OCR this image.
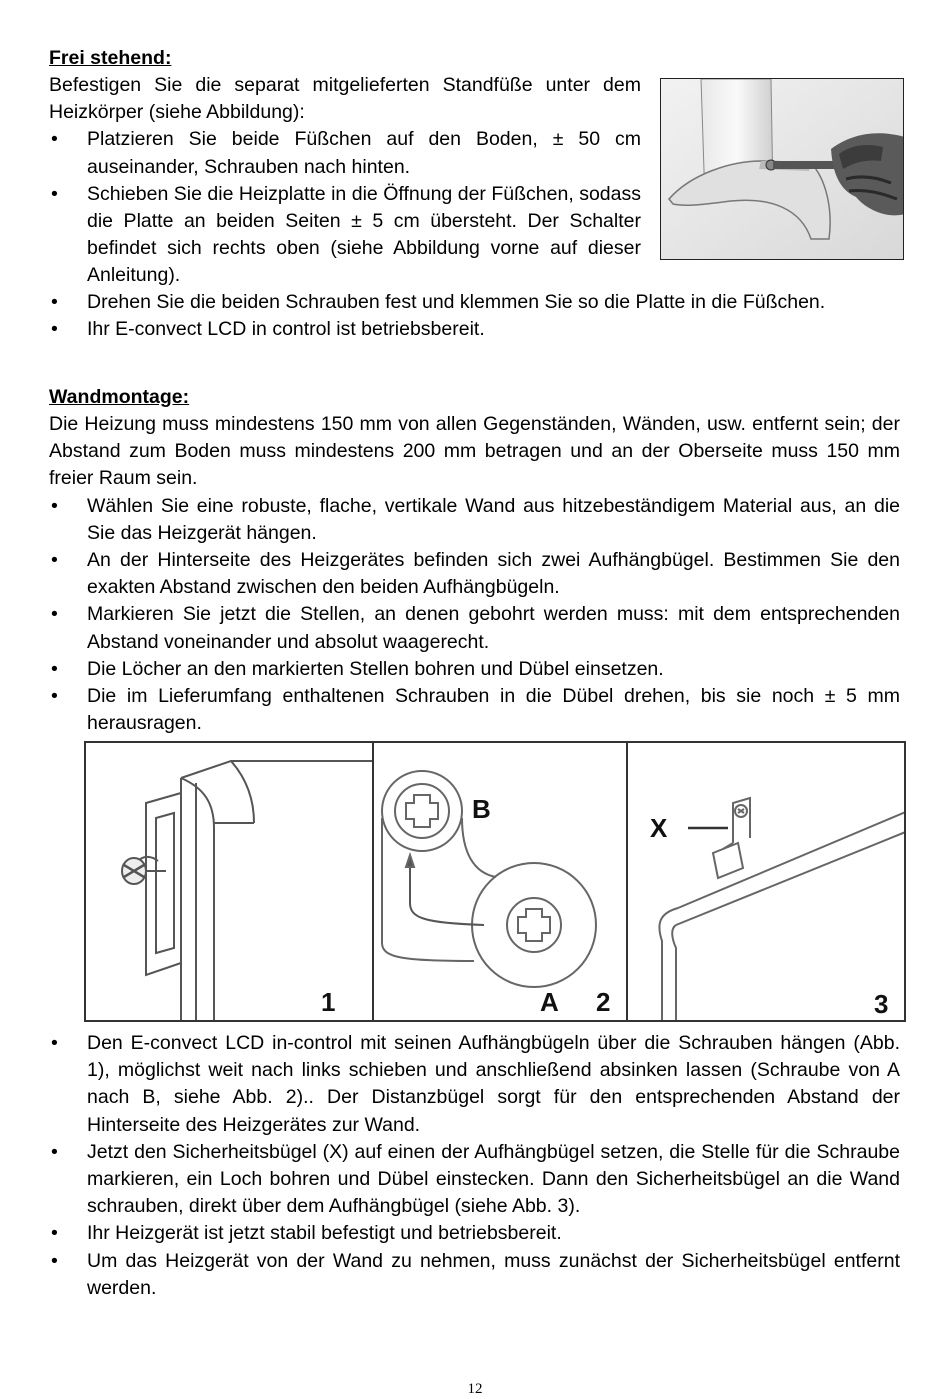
Frei stehend:
Befestigen Sie die separat mitgelieferten Standfüße unter dem Heizkörper (siehe Abbildung):
• Platzieren Sie beide Füßchen auf den Boden, ± 50 cm auseinander, Schrauben nach hinten.
• Schieben Sie die Heizplatte in die Öffnung der Füßchen, sodass die Platte an beiden Seiten ± 5 cm übersteht. Der Schalter befindet sich rechts oben (siehe Abbildung vorne auf dieser Anleitung).
• Drehen Sie die beiden Schrauben fest und klemmen Sie so die Platte in die Füßchen.
• Ihr E-convect LCD in control ist betriebsbereit.
Wandmontage:
Die Heizung muss mindestens 150 mm von allen Gegenständen, Wänden, usw. entfernt sein; der Abstand zum Boden muss mindestens 200 mm betragen und an der Oberseite muss 150 mm freier Raum sein.
• Wählen Sie eine robuste, flache, vertikale Wand aus hitzebeständigem Material aus, an die Sie das Heizgerät hängen.
• An der Hinterseite des Heizgerätes befinden sich zwei Aufhängbügel. Bestimmen Sie den exakten Abstand zwischen den beiden Aufhängbügeln.
• Markieren Sie jetzt die Stellen, an denen gebohrt werden muss: mit dem entsprechenden Abstand voneinander und absolut waagerecht.
• Die Löcher an den markierten Stellen bohren und Dübel einsetzen.
• Die im Lieferumfang enthaltenen Schrauben in die Dübel drehen, bis sie noch ± 5 mm herausragen.
1
B
A 2
X
3
• Den E-convect LCD in-control mit seinen Aufhängbügeln über die Schrauben hängen (Abb. 1), möglichst weit nach links schieben und anschließend absinken lassen (Schraube von A nach B, siehe Abb. 2).. Der Distanzbügel sorgt für den entsprechenden Abstand der Hinterseite des Heizgerätes zur Wand.
• Jetzt den Sicherheitsbügel (X) auf einen der Aufhängbügel setzen, die Stelle für die Schraube markieren, ein Loch bohren und Dübel einstecken. Dann den Sicherheitsbügel an die Wand schrauben, direkt über dem Aufhängbügel (siehe Abb. 3).
• Ihr Heizgerät ist jetzt stabil befestigt und betriebsbereit.
• Um das Heizgerät von der Wand zu nehmen, muss zunächst der Sicherheitsbügel entfernt werden.
12
